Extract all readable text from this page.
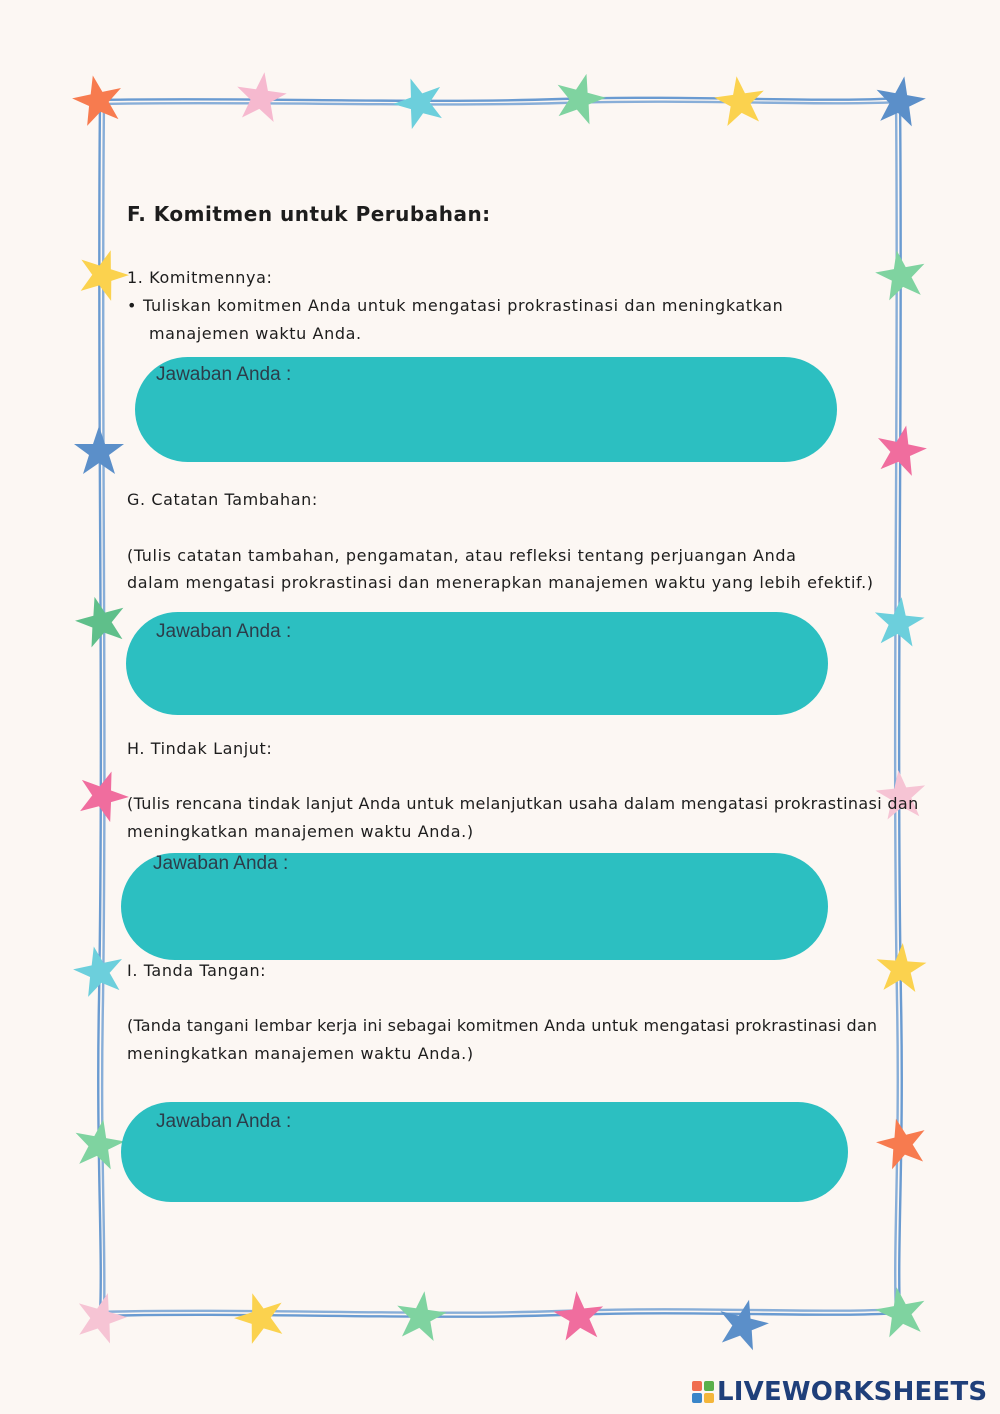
F. Komitmen untuk Perubahan:
1. Komitmennya:
• Tuliskan komitmen Anda untuk mengatasi prokrastinasi dan meningkatkan
manajemen waktu Anda.
Jawaban Anda :
G. Catatan Tambahan:
(Tulis catatan tambahan, pengamatan, atau refleksi tentang perjuangan Anda
dalam mengatasi prokrastinasi dan menerapkan manajemen waktu yang lebih efektif.)
Jawaban Anda :
H. Tindak Lanjut:
(Tulis rencana tindak lanjut Anda untuk melanjutkan usaha dalam mengatasi prokrastinasi dan
meningkatkan manajemen waktu Anda.)
Jawaban Anda :
I. Tanda Tangan:
(Tanda tangani lembar kerja ini sebagai komitmen Anda untuk mengatasi prokrastinasi dan
meningkatkan manajemen waktu Anda.)
Jawaban Anda :
LIVEWORKSHEETS
